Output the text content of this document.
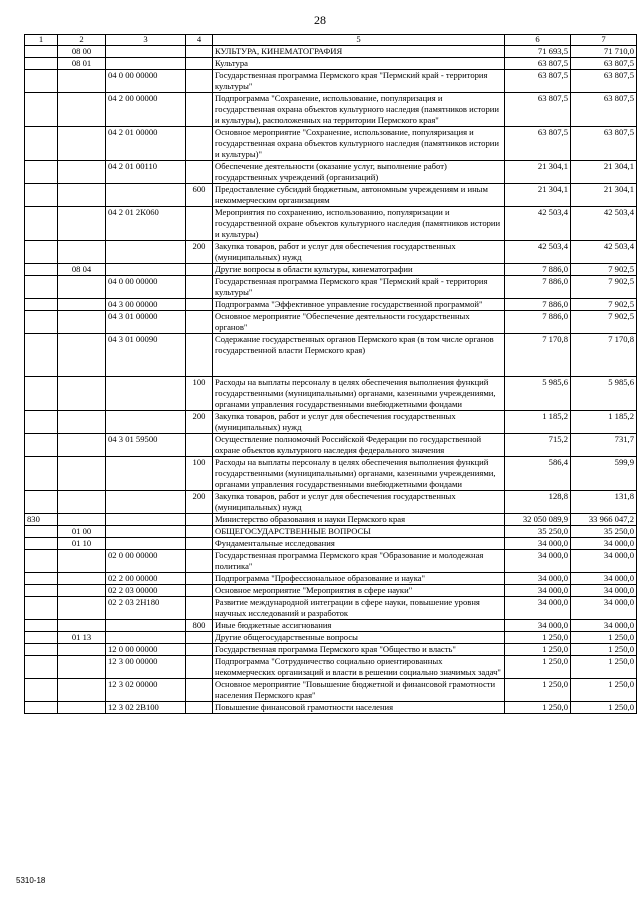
28
1	2	3	4	5	6	7
	08 00			КУЛЬТУРА, КИНЕМАТОГРАФИЯ	71 693,5	71 710,0
	08 01			Культура	63 807,5	63 807,5
		04 0 00 00000		Государственная программа Пермского края "Пермский край - территория культуры"	63 807,5	63 807,5
		04 2 00 00000		Подпрограмма "Сохранение, использование, популяризация и государственная охрана объектов культурного наследия (памятников истории и культуры), расположенных на территории Пермского края"	63 807,5	63 807,5
		04 2 01 00000		Основное мероприятие "Сохранение, использование, популяризация и государственная охрана объектов культурного наследия (памятников истории и культуры)"	63 807,5	63 807,5
		04 2 01 00110		Обеспечение деятельности (оказание услуг, выполнение работ) государственных учреждений (организаций)	21 304,1	21 304,1
			600	Предоставление субсидий бюджетным, автономным учреждениям и иным некоммерческим организациям	21 304,1	21 304,1
		04 2 01 2К060		Мероприятия по сохранению, использованию, популяризации и государственной охране объектов культурного наследия (памятников истории и культуры)	42 503,4	42 503,4
			200	Закупка товаров, работ и услуг для обеспечения государственных (муниципальных) нужд	42 503,4	42 503,4
	08 04			Другие вопросы в области культуры, кинематографии	7 886,0	7 902,5
		04 0 00 00000		Государственная программа Пермского края "Пермский край - территория культуры"	7 886,0	7 902,5
		04 3 00 00000		Подпрограмма "Эффективное управление государственной программой"	7 886,0	7 902,5
		04 3 01 00000		Основное мероприятие "Обеспечение деятельности государственных органов"	7 886,0	7 902,5
		04 3 01 00090		Содержание государственных органов Пермского края (в том числе органов государственной власти Пермского края)	7 170,8	7 170,8
			100	Расходы на выплаты персоналу в целях обеспечения выполнения функций государственными (муниципальными) органами, казенными учреждениями, органами управления государственными внебюджетными фондами	5 985,6	5 985,6
			200	Закупка товаров, работ и услуг для обеспечения государственных (муниципальных) нужд	1 185,2	1 185,2
		04 3 01 59500		Осуществление полномочий Российской Федерации по государственной охране объектов культурного наследия федерального значения	715,2	731,7
			100	Расходы на выплаты персоналу в целях обеспечения выполнения функций государственными (муниципальными) органами, казенными учреждениями, органами управления государственными внебюджетными фондами	586,4	599,9
			200	Закупка товаров, работ и услуг для обеспечения государственных (муниципальных) нужд	128,8	131,8
830				Министерство образования и науки Пермского края	32 050 089,9	33 966 047,2
	01 00			ОБЩЕГОСУДАРСТВЕННЫЕ ВОПРОСЫ	35 250,0	35 250,0
	01 10			Фундаментальные исследования	34 000,0	34 000,0
		02 0 00 00000		Государственная программа Пермского края "Образование и молодежная политика"	34 000,0	34 000,0
		02 2 00 00000		Подпрограмма "Профессиональное образование и наука"	34 000,0	34 000,0
		02 2 03 00000		Основное мероприятие "Мероприятия в сфере науки"	34 000,0	34 000,0
		02 2 03 2Н180		Развитие международной интеграции в сфере науки, повышение уровня научных исследований и разработок	34 000,0	34 000,0
			800	Иные бюджетные ассигнования	34 000,0	34 000,0
	01 13			Другие общегосударственные вопросы	1 250,0	1 250,0
		12 0 00 00000		Государственная программа Пермского края "Общество и власть"	1 250,0	1 250,0
		12 3 00 00000		Подпрограмма "Сотрудничество социально ориентированных некоммерческих организаций и власти в решении социально значимых задач"	1 250,0	1 250,0
		12 3 02 00000		Основное мероприятие "Повышение бюджетной и финансовой грамотности населения Пермского края"	1 250,0	1 250,0
		12 3 02 2В100		Повышение финансовой грамотности населения	1 250,0	1 250,0
5310-18
